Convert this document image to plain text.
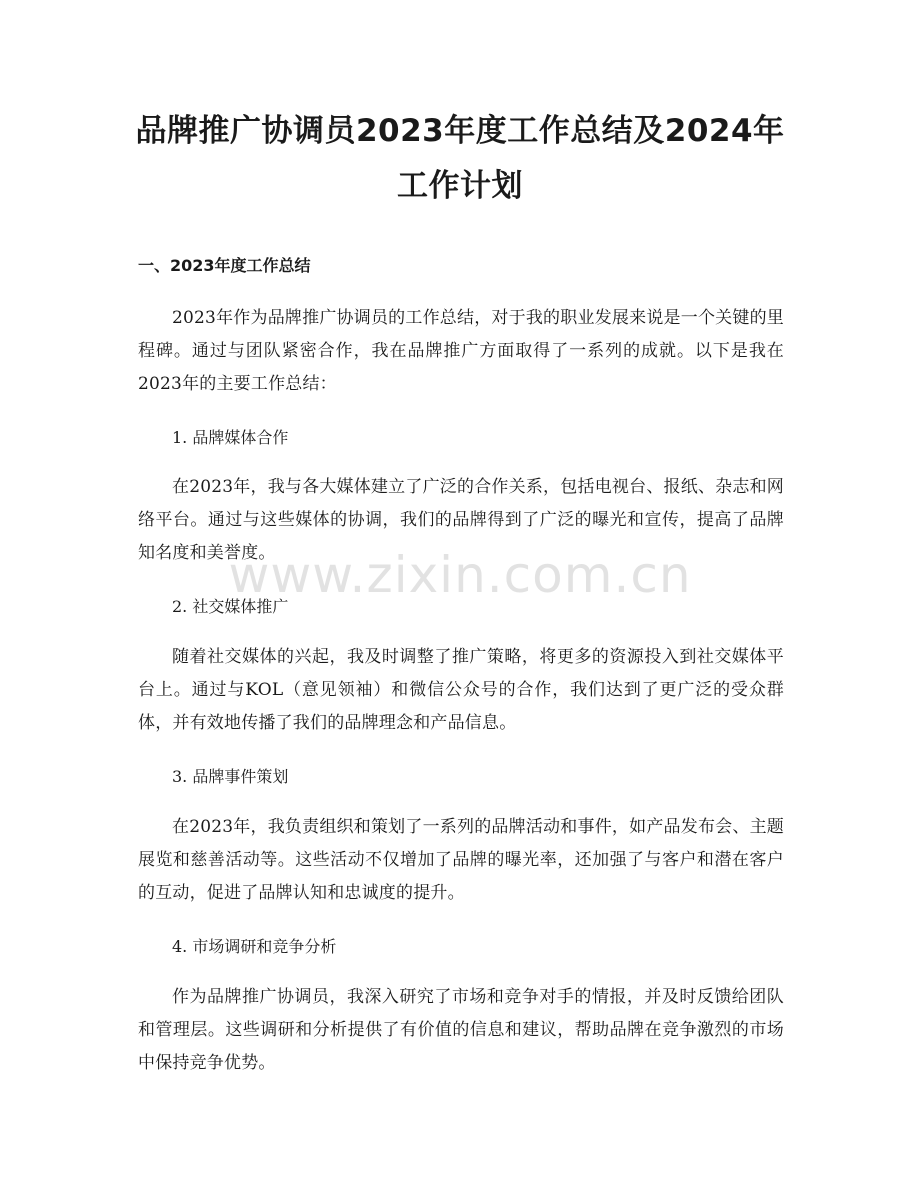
品牌推广协调员2023年度工作总结及2024年工作计划
一、2023年度工作总结

2023年作为品牌推广协调员的工作总结，对于我的职业发展来说是一个关键的里程碑。通过与团队紧密合作，我在品牌推广方面取得了一系列的成就。以下是我在2023年的主要工作总结：

1. 品牌媒体合作

在2023年，我与各大媒体建立了广泛的合作关系，包括电视台、报纸、杂志和网络平台。通过与这些媒体的协调，我们的品牌得到了广泛的曝光和宣传，提高了品牌知名度和美誉度。

2. 社交媒体推广

随着社交媒体的兴起，我及时调整了推广策略，将更多的资源投入到社交媒体平台上。通过与KOL（意见领袖）和微信公众号的合作，我们达到了更广泛的受众群体，并有效地传播了我们的品牌理念和产品信息。

3. 品牌事件策划

在2023年，我负责组织和策划了一系列的品牌活动和事件，如产品发布会、主题展览和慈善活动等。这些活动不仅增加了品牌的曝光率，还加强了与客户和潜在客户的互动，促进了品牌认知和忠诚度的提升。

4. 市场调研和竞争分析

作为品牌推广协调员，我深入研究了市场和竞争对手的情报，并及时反馈给团队和管理层。这些调研和分析提供了有价值的信息和建议，帮助品牌在竞争激烈的市场中保持竞争优势。

www.zixin.com.cn
